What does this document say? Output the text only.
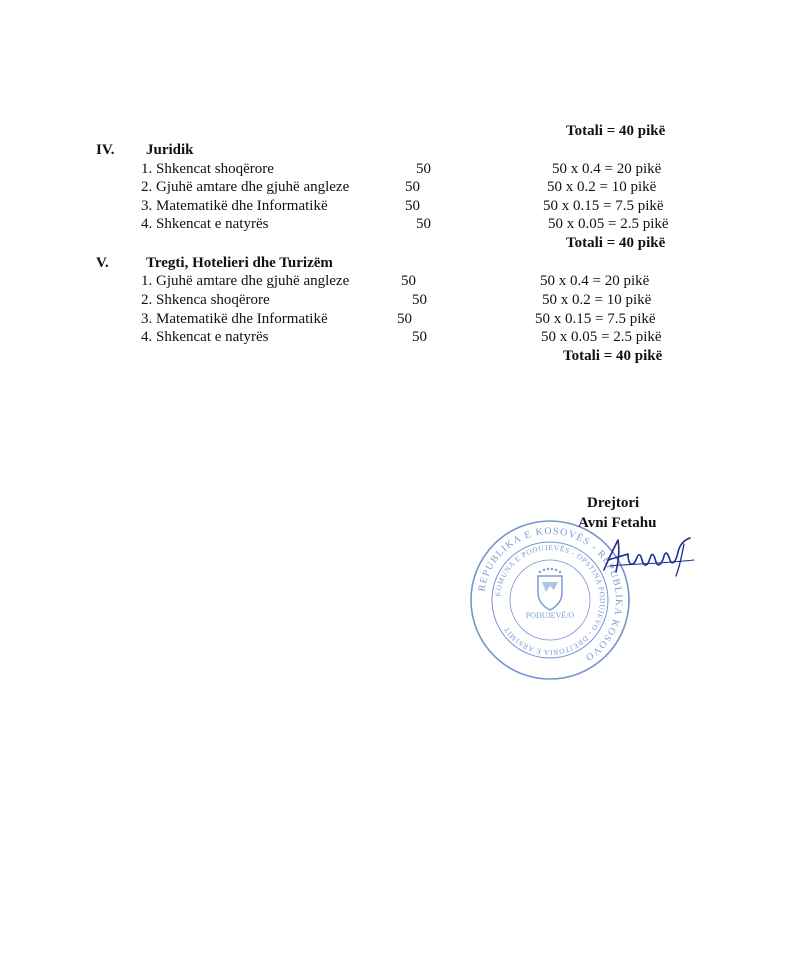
Totali = 40 pikë
IV. Juridik
1. Shkencat shoqërore	50	50 x 0.4 = 20 pikë
2. Gjuhë amtare dhe gjuhë angleze	50	50 x 0.2 = 10 pikë
3. Matematikë dhe Informatikë	50	50 x 0.15 = 7.5 pikë
4. Shkencat e natyrës	50	50 x 0.05 = 2.5 pikë
Totali = 40 pikë
V. Tregti, Hotelieri dhe Turizëm
1. Gjuhë amtare dhe gjuhë angleze	50	50 x 0.4 = 20 pikë
2. Shkenca shoqërore	50	50 x 0.2 = 10 pikë
3. Matematikë dhe Informatikë	50	50 x 0.15 = 7.5 pikë
4. Shkencat e natyrës	50	50 x 0.05 = 2.5 pikë
Totali = 40 pikë
Drejtori
Avni Fetahu
REPUBLIKA E KOSOVËS - REPUBLIKA KOSOVO
KOMUNA E PODUJEVËS - OPSTINA PODUJEVO - DREJTORIA E ARSIMIT
PODUJEVË/O
